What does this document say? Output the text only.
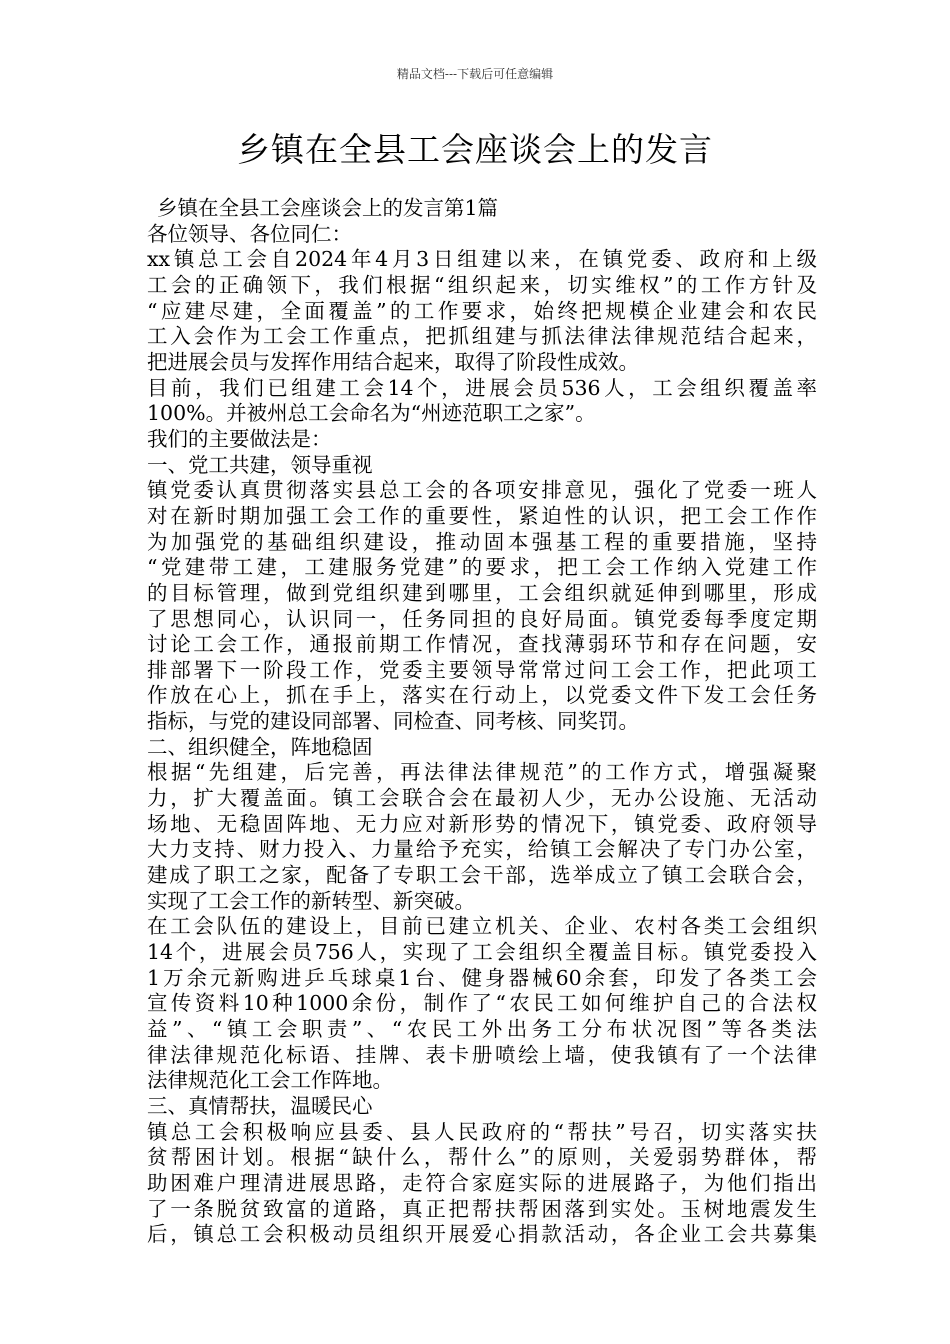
精品文档---下载后可任意编辑
乡镇在全县工会座谈会上的发言
乡镇在全县工会座谈会上的发言第1篇
各位领导、各位同仁：
xx镇总工会自2024年4月3日组建以来，在镇党委、政府和上级
工会的正确领下，我们根据“组织起来，切实维权”的工作方针及
“应建尽建，全面覆盖”的工作要求，始终把规模企业建会和农民
工入会作为工会工作重点，把抓组建与抓法律法律规范结合起来，
把进展会员与发挥作用结合起来，取得了阶段性成效。
目前，我们已组建工会14个，进展会员536人，工会组织覆盖率
100%。并被州总工会命名为“州迹范职工之家”。
我们的主要做法是：
一、党工共建，领导重视
镇党委认真贯彻落实县总工会的各项安排意见，强化了党委一班人
对在新时期加强工会工作的重要性，紧迫性的认识，把工会工作作
为加强党的基础组织建设，推动固本强基工程的重要措施，坚持
“党建带工建，工建服务党建”的要求，把工会工作纳入党建工作
的目标管理，做到党组织建到哪里，工会组织就延伸到哪里，形成
了思想同心，认识同一，任务同担的良好局面。镇党委每季度定期
讨论工会工作，通报前期工作情况，查找薄弱环节和存在问题，安
排部署下一阶段工作，党委主要领导常常过问工会工作，把此项工
作放在心上，抓在手上，落实在行动上，以党委文件下发工会任务
指标，与党的建设同部署、同检查、同考核、同奖罚。
二、组织健全，阵地稳固
根据“先组建，后完善，再法律法律规范”的工作方式，增强凝聚
力，扩大覆盖面。镇工会联合会在最初人少，无办公设施、无活动
场地、无稳固阵地、无力应对新形势的情况下，镇党委、政府领导
大力支持、财力投入、力量给予充实，给镇工会解决了专门办公室，
建成了职工之家，配备了专职工会干部，选举成立了镇工会联合会，
实现了工会工作的新转型、新突破。
在工会队伍的建设上，目前已建立机关、企业、农村各类工会组织
14个，进展会员756人，实现了工会组织全覆盖目标。镇党委投入
1万余元新购进乒乓球桌1台、健身器械60余套，印发了各类工会
宣传资料10种1000余份，制作了“农民工如何维护自己的合法权
益”、“镇工会职责”、“农民工外出务工分布状况图”等各类法
律法律规范化标语、挂牌、表卡册喷绘上墙，使我镇有了一个法律
法律规范化工会工作阵地。
三、真情帮扶，温暖民心
镇总工会积极响应县委、县人民政府的“帮扶”号召，切实落实扶
贫帮困计划。根据“缺什么，帮什么”的原则，关爱弱势群体，帮
助困难户理清进展思路，走符合家庭实际的进展路子，为他们指出
了一条脱贫致富的道路，真正把帮扶帮困落到实处。玉树地震发生
后，镇总工会积极动员组织开展爱心捐款活动，各企业工会共募集
